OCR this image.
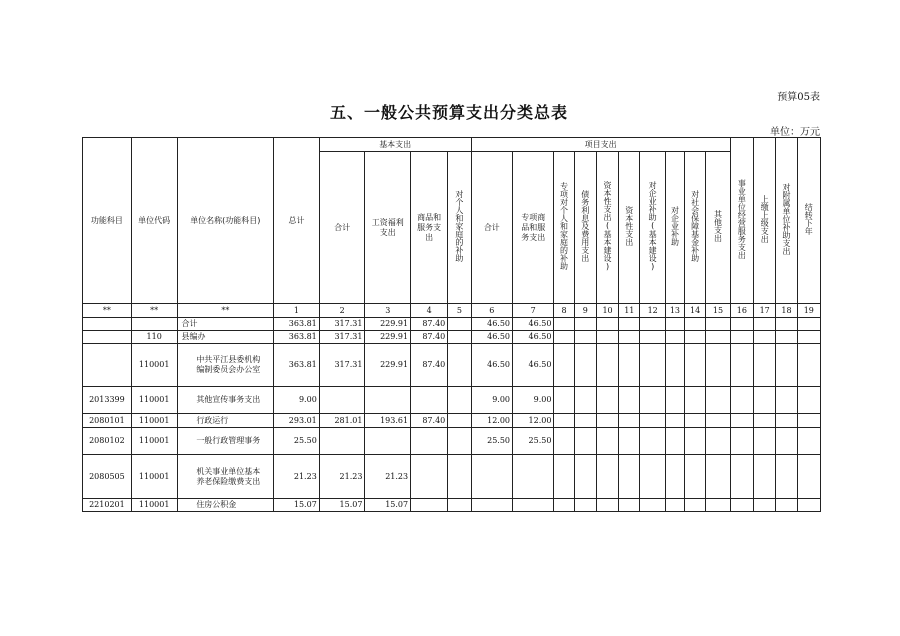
预算05表
五、一般公共预算支出分类总表
单位：万元
功能科目	单位代码	单位名称(功能科目)	总计	基本支出				项目支出										事业单位经营服务支出	上缴上级支出	对附属单位补助支出	结转下年
				合计	工资福利支出	商品和服务支出	对个人和家庭的补助	合计	专项商品和服务支出	专项对个人和家庭的补助	债务利息及费用支出	资本性支出(基本建设)	资本性支出	对企业补助(基本建设)	对企业补助	对社会保障基金补助	其他支出				
**	**	**	1	2	3	4	5	6	7	8	9	10	11	12	13	14	15	16	17	18	19
		合计	363.81	317.31	229.91	87.40		46.50	46.50												
	110	县编办	363.81	317.31	229.91	87.40		46.50	46.50												
	110001	中共平江县委机构编制委员会办公室	363.81	317.31	229.91	87.40		46.50	46.50												
2013399	110001	其他宣传事务支出	9.00					9.00	9.00												
2080101	110001	行政运行	293.01	281.01	193.61	87.40		12.00	12.00												
2080102	110001	一般行政管理事务	25.50					25.50	25.50												
2080505	110001	机关事业单位基本养老保险缴费支出	21.23	21.23	21.23																
2210201	110001	住房公积金	15.07	15.07	15.07																
